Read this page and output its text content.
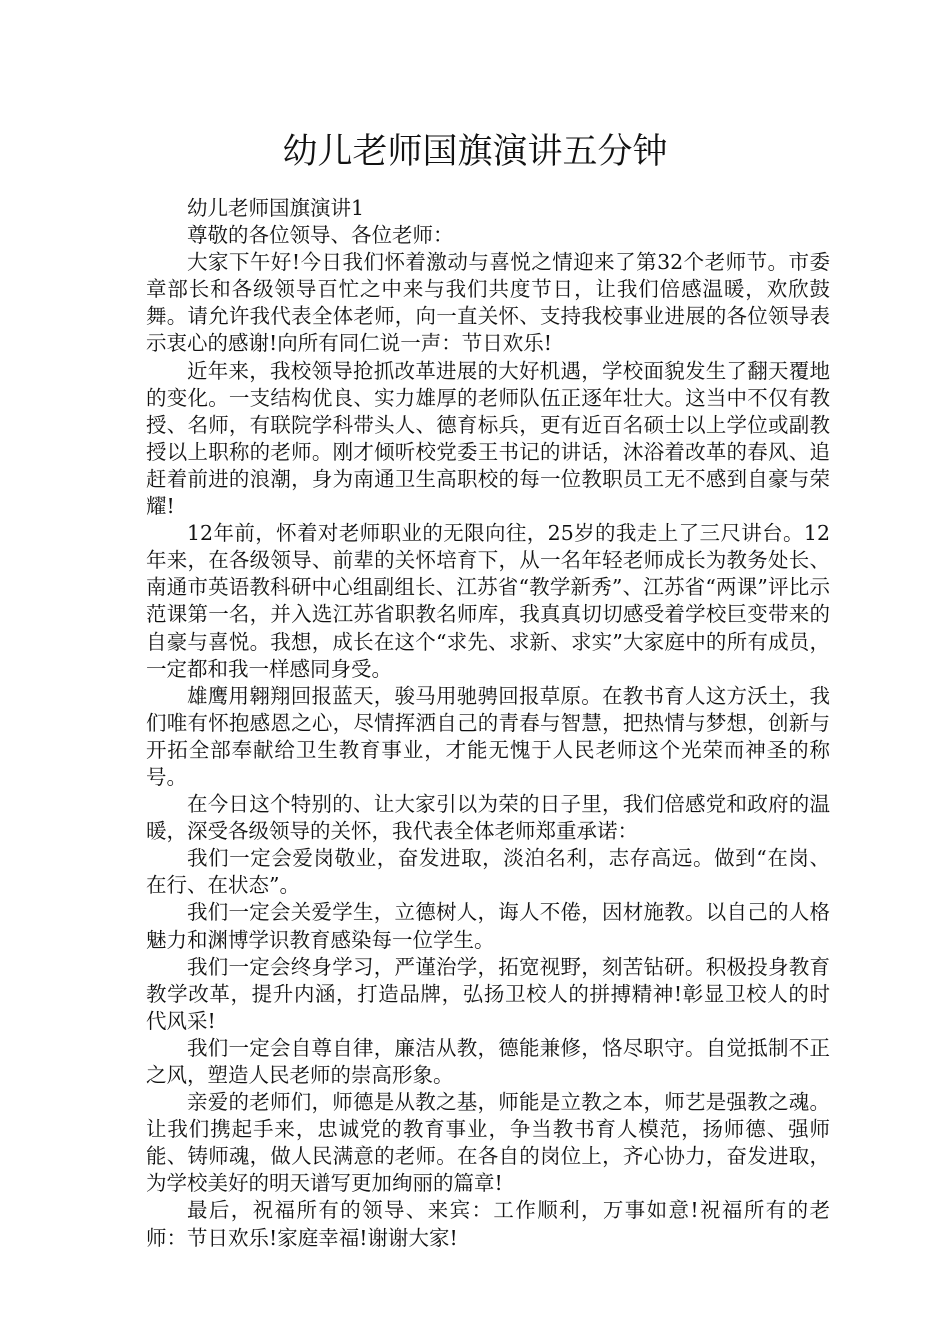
幼儿老师国旗演讲五分钟

幼儿老师国旗演讲1

尊敬的各位领导、各位老师：

大家下午好!今日我们怀着激动与喜悦之情迎来了第32个老师节。市委章部长和各级领导百忙之中来与我们共度节日，让我们倍感温暖，欢欣鼓舞。请允许我代表全体老师，向一直关怀、支持我校事业进展的各位领导表示衷心的感谢!向所有同仁说一声：节日欢乐!

近年来，我校领导抢抓改革进展的大好机遇，学校面貌发生了翻天覆地的变化。一支结构优良、实力雄厚的老师队伍正逐年壮大。这当中不仅有教授、名师，有联院学科带头人、德育标兵，更有近百名硕士以上学位或副教授以上职称的老师。刚才倾听校党委王书记的讲话，沐浴着改革的春风、追赶着前进的浪潮，身为南通卫生高职校的每一位教职员工无不感到自豪与荣耀!

12年前，怀着对老师职业的无限向往，25岁的我走上了三尺讲台。12 年来，在各级领导、前辈的关怀培育下，从一名年轻老师成长为教务处长、南通市英语教科研中心组副组长、江苏省“教学新秀”、江苏省“两课”评比示范课第一名，并入选江苏省职教名师库，我真真切切感受着学校巨变带来的自豪与喜悦。我想，成长在这个“求先、求新、求实”大家庭中的所有成员，一定都和我一样感同身受。

雄鹰用翱翔回报蓝天，骏马用驰骋回报草原。在教书育人这方沃土，我们唯有怀抱感恩之心，尽情挥洒自己的青春与智慧，把热情与梦想，创新与开拓全部奉献给卫生教育事业，才能无愧于人民老师这个光荣而神圣的称号。

在今日这个特别的、让大家引以为荣的日子里，我们倍感党和政府的温暖，深受各级领导的关怀，我代表全体老师郑重承诺：

我们一定会爱岗敬业，奋发进取，淡泊名利，志存高远。做到“在岗、在行、在状态”。

我们一定会关爱学生，立德树人，诲人不倦，因材施教。以自己的人格魅力和渊博学识教育感染每一位学生。

我们一定会终身学习，严谨治学，拓宽视野，刻苦钻研。积极投身教育教学改革，提升内涵，打造品牌，弘扬卫校人的拼搏精神!彰显卫校人的时代风采!

我们一定会自尊自律，廉洁从教，德能兼修，恪尽职守。自觉抵制不正之风，塑造人民老师的崇高形象。

亲爱的老师们，师德是从教之基，师能是立教之本，师艺是强教之魂。让我们携起手来，忠诚党的教育事业，争当教书育人模范，扬师德、强师能、铸师魂，做人民满意的老师。在各自的岗位上，齐心协力，奋发进取，为学校美好的明天谱写更加绚丽的篇章!

最后，祝福所有的领导、来宾：工作顺利，万事如意!祝福所有的老师：节日欢乐!家庭幸福!谢谢大家!
